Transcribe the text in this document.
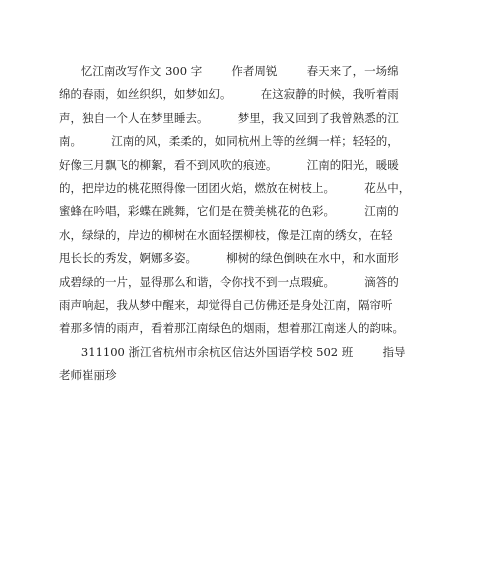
忆江南改写作文 300 字        作者周锐        春天来了，一场绵
绵的春雨，如丝织织，如梦如幻。        在这寂静的时候，我听着雨
声，独自一个人在梦里睡去。        梦里，我又回到了我曾熟悉的江
南。        江南的风，柔柔的，如同杭州上等的丝绸一样；轻轻的，
好像三月飘飞的柳絮，看不到风吹的痕迹。        江南的阳光，暖暖
的，把岸边的桃花照得像一团团火焰，燃放在树枝上。        花丛中，
蜜蜂在吟唱，彩蝶在跳舞，它们是在赞美桃花的色彩。        江南的
水，绿绿的，岸边的柳树在水面轻摆柳枝，像是江南的绣女，在轻
甩长长的秀发，婀娜多姿。        柳树的绿色倒映在水中，和水面形
成碧绿的一片，显得那么和谐，令你找不到一点瑕疵。        滴答的
雨声响起，我从梦中醒来，却觉得自己仿佛还是身处江南，隔帘听
着那多情的雨声，看着那江南绿色的烟雨，想着那江南迷人的韵味。
311100 浙江省杭州市余杭区信达外国语学校 502 班        指导
老师崔丽珍
